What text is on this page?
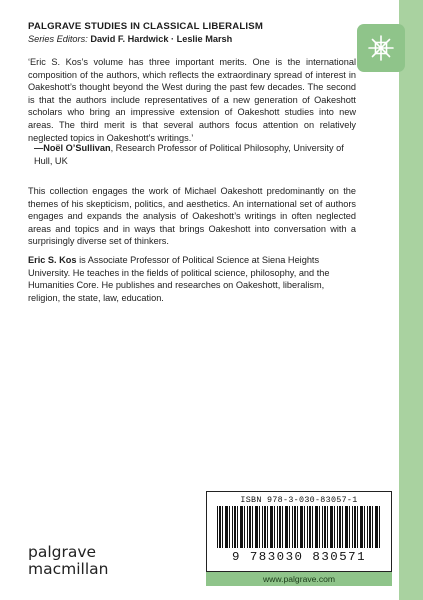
PALGRAVE STUDIES IN CLASSICAL LIBERALISM
Series Editors: David F. Hardwick · Leslie Marsh
‘Eric S. Kos’s volume has three important merits. One is the international composition of the authors, which reflects the extraordinary spread of interest in Oakeshott’s thought beyond the West during the past few decades. The second is that the authors include representatives of a new generation of Oakeshott scholars who bring an impressive extension of Oakeshott studies into new areas. The third merit is that several authors focus attention on relatively neglected topics in Oakeshott’s writings.’
—Noël O’Sullivan, Research Professor of Political Philosophy, University of Hull, UK
This collection engages the work of Michael Oakeshott predominantly on the themes of his skepticism, politics, and aesthetics. An international set of authors engages and expands the analysis of Oakeshott’s writings in often neglected areas and topics and in ways that brings Oakeshott into conversation with a surprisingly diverse set of thinkers.
Eric S. Kos is Associate Professor of Political Science at Siena Heights University. He teaches in the fields of political science, philosophy, and the Humanities Core. He publishes and researches on Oakeshott, liberalism, religion, the state, law, education.
palgrave
macmillan
ISBN 978-3-030-83057-1
9 783030 830571
www.palgrave.com
